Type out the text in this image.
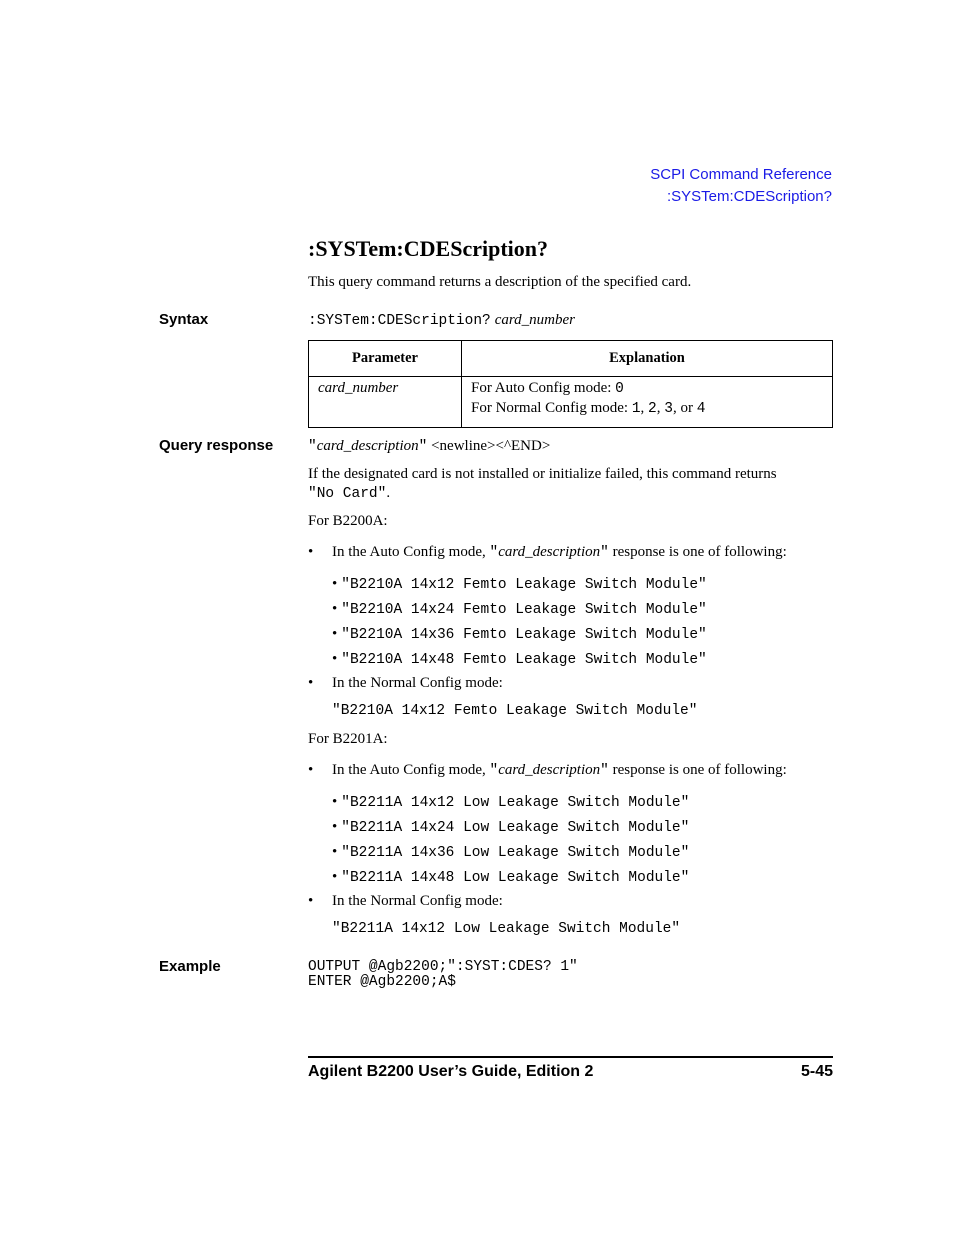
SCPI Command Reference
:SYSTem:CDEScription?
:SYSTem:CDEScription?
This query command returns a description of the specified card.
Syntax	:SYSTem:CDEScription? card_number
Parameter	Explanation
card_number	For Auto Config mode: 0
For Normal Config mode: 1, 2, 3, or 4
Query response "card_description" <newline><^END>
If the designated card is not installed or initialize failed, this command returns
"No Card".
For B2200A:
• In the Auto Config mode, "card_description" response is one of following:
• "B2210A 14x12 Femto Leakage Switch Module"
• "B2210A 14x24 Femto Leakage Switch Module"
• "B2210A 14x36 Femto Leakage Switch Module"
• "B2210A 14x48 Femto Leakage Switch Module"
• In the Normal Config mode:
"B2210A 14x12 Femto Leakage Switch Module"
For B2201A:
• In the Auto Config mode, "card_description" response is one of following:
• "B2211A 14x12 Low Leakage Switch Module"
• "B2211A 14x24 Low Leakage Switch Module"
• "B2211A 14x36 Low Leakage Switch Module"
• "B2211A 14x48 Low Leakage Switch Module"
• In the Normal Config mode:
"B2211A 14x12 Low Leakage Switch Module"
Example	OUTPUT @Agb2200;":SYST:CDES? 1"
ENTER @Agb2200;A$
Agilent B2200 User’s Guide, Edition 2	5-45
